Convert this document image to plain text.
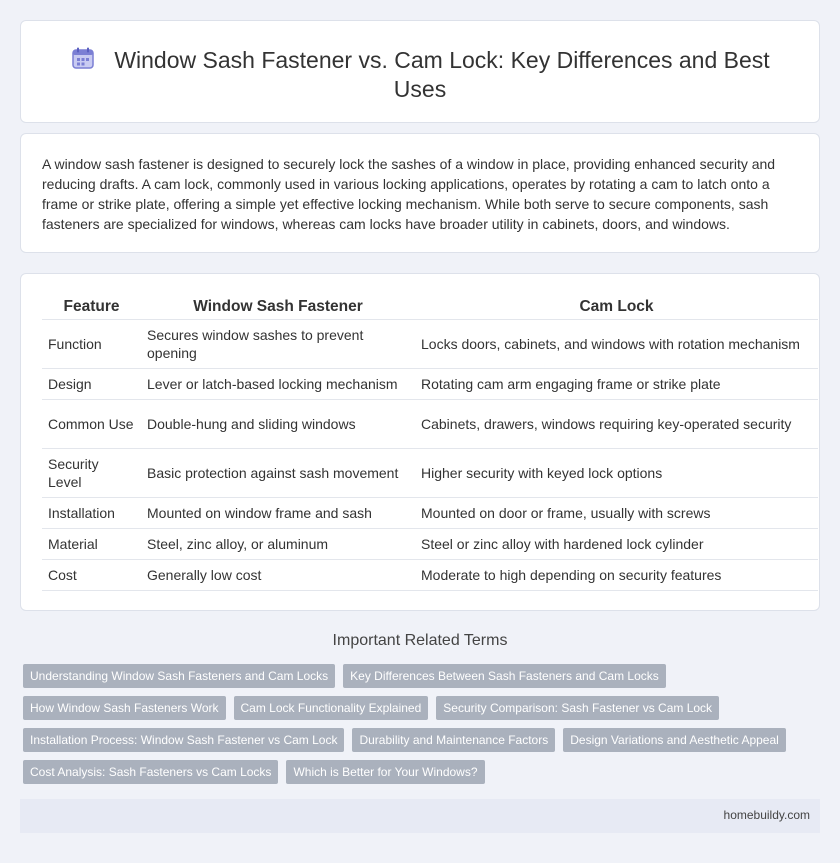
Window Sash Fastener vs. Cam Lock: Key Differences and Best Uses

A window sash fastener is designed to securely lock the sashes of a window in place, providing enhanced security and reducing drafts. A cam lock, commonly used in various locking applications, operates by rotating a cam to latch onto a frame or strike plate, offering a simple yet effective locking mechanism. While both serve to secure components, sash fasteners are specialized for windows, whereas cam locks have broader utility in cabinets, doors, and windows.

Feature	Window Sash Fastener	Cam Lock
Function	Secures window sashes to prevent opening	Locks doors, cabinets, and windows with rotation mechanism
Design	Lever or latch-based locking mechanism	Rotating cam arm engaging frame or strike plate
Common Use	Double-hung and sliding windows	Cabinets, drawers, windows requiring key-operated security
Security Level	Basic protection against sash movement	Higher security with keyed lock options
Installation	Mounted on window frame and sash	Mounted on door or frame, usually with screws
Material	Steel, zinc alloy, or aluminum	Steel or zinc alloy with hardened lock cylinder
Cost	Generally low cost	Moderate to high depending on security features
Important Related Terms
Understanding Window Sash Fasteners and Cam Locks	Key Differences Between Sash Fasteners and Cam Locks
How Window Sash Fasteners Work	Cam Lock Functionality Explained	Security Comparison: Sash Fastener vs Cam Lock
Installation Process: Window Sash Fastener vs Cam Lock	Durability and Maintenance Factors	Design Variations and Aesthetic Appeal
Cost Analysis: Sash Fasteners vs Cam Locks	Which is Better for Your Windows?
homebuildy.com
